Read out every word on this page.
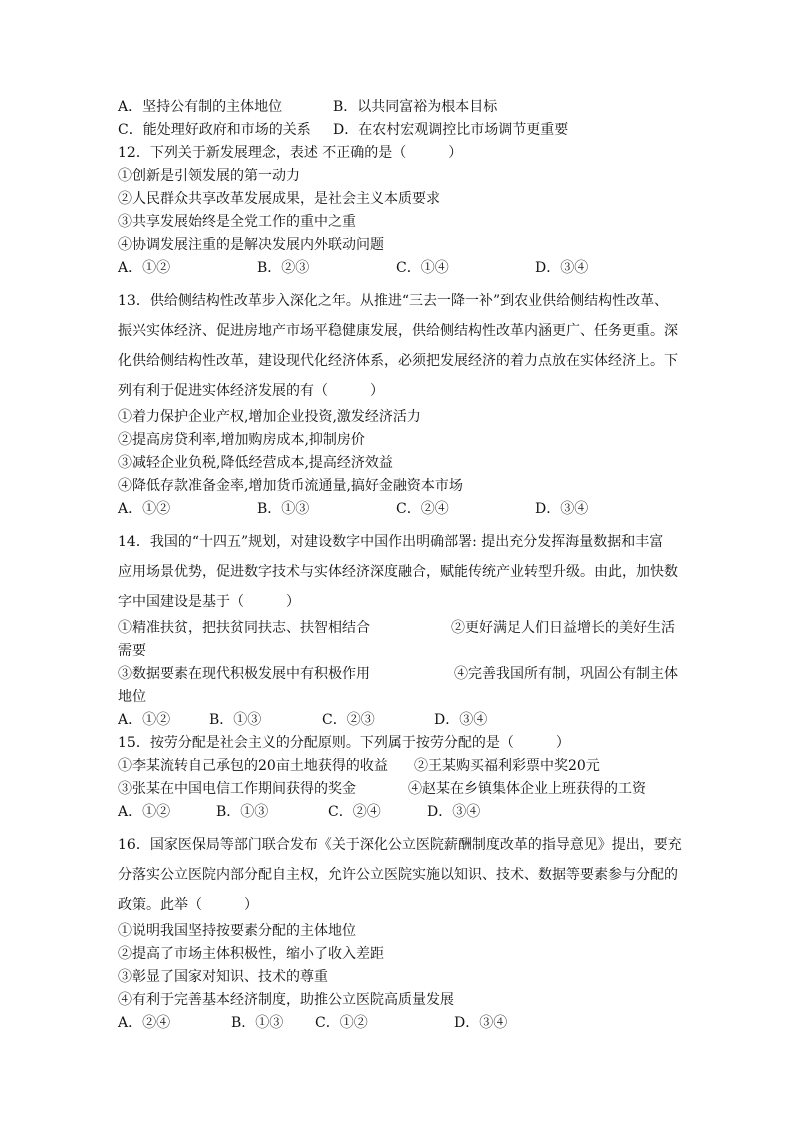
A．坚持公有制的主体地位	B．以共同富裕为根本目标
C．能处理好政府和市场的关系 D．在农村宏观调控比市场调节更重要
12．下列关于新发展理念，表述 不正确的是（　　　）
①创新是引领发展的第一动力
②人民群众共享改革发展成果，是社会主义本质要求
③共享发展始终是全党工作的重中之重
④协调发展注重的是解决发展内外联动问题
A．①②	B．②③	C．①④	D．③④
13．供给侧结构性改革步入深化之年。从推进“三去一降一补”到农业供给侧结构性改革、
振兴实体经济、促进房地产市场平稳健康发展，供给侧结构性改革内涵更广、任务更重。深
化供给侧结构性改革，建设现代化经济体系，必须把发展经济的着力点放在实体经济上。下
列有利于促进实体经济发展的有（　　　）
①着力保护企业产权,增加企业投资,激发经济活力
②提高房贷利率,增加购房成本,抑制房价
③减轻企业负税,降低经营成本,提高经济效益
④降低存款准备金率,增加货币流通量,搞好金融资本市场
A．①②	B．①③	C．②④	D．③④
14．我国的“十四五”规划，对建设数字中国作出明确部署: 提出充分发挥海量数据和丰富
应用场景优势，促进数字技术与实体经济深度融合，赋能传统产业转型升级。由此，加快数
字中国建设是基于（　　　）
①精准扶贫，把扶贫同扶志、扶智相结合	②更好满足人们日益增长的美好生活
需要
③数据要素在现代积极发展中有积极作用	④完善我国所有制，巩固公有制主体
地位
A．①②	B．①③	C．②③	D．③④
15．按劳分配是社会主义的分配原则。下列属于按劳分配的是（　　　）
①李某流转自己承包的20亩土地获得的收益 ②王某购买福利彩票中奖20元
③张某在中国电信工作期间获得的奖金	④赵某在乡镇集体企业上班获得的工资
A．①②	B．①③	C．②④	D．③④
16．国家医保局等部门联合发布《关于深化公立医院薪酬制度改革的指导意见》提出，要充
分落实公立医院内部分配自主权，允许公立医院实施以知识、技术、数据等要素参与分配的
政策。此举（　　　）
①说明我国坚持按要素分配的主体地位
②提高了市场主体积极性，缩小了收入差距
③彰显了国家对知识、技术的尊重
④有利于完善基本经济制度，助推公立医院高质量发展
A．②④	B．①③ C．①②	D．③④
